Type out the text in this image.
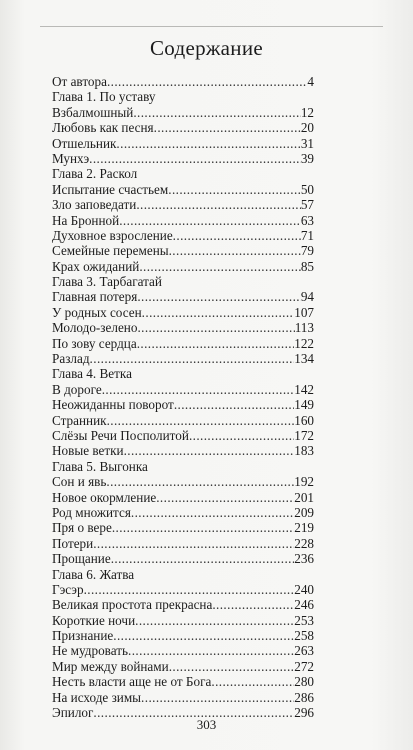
Содержание
От автора .....	4
Глава 1. По уставу
Взбалмошный .....	12
Любовь как песня .....	20
Отшельник .....	31
Мунхэ .....	39
Глава 2. Раскол
Испытание счастьем .....	50
Зло заповедати .....	57
На Бронной .....	63
Духовное взросление .....	71
Семейные перемены .....	79
Крах ожиданий .....	85
Глава 3. Тарбагатай
Главная потеря .....	94
У родных сосен .....	107
Молодо-зелено .....	113
По зову сердца .....	122
Разлад .....	134
Глава 4. Ветка
В дороге .....	142
Неожиданны поворот .....	149
Странник .....	160
Слёзы Речи Посполитой .....	172
Новые ветки .....	183
Глава 5. Выгонка
Сон и явь .....	192
Новое окормление .....	201
Род множится .....	209
Пря о вере .....	219
Потери .....	228
Прощание .....	236
Глава 6. Жатва
Гэсэр .....	240
Великая простота прекрасна .....	246
Короткие ночи .....	253
Признание .....	258
Не мудровать .....	263
Мир между войнами .....	272
Несть власти аще не от Бога .....	280
На исходе зимы .....	286
Эпилог .....	296
303
